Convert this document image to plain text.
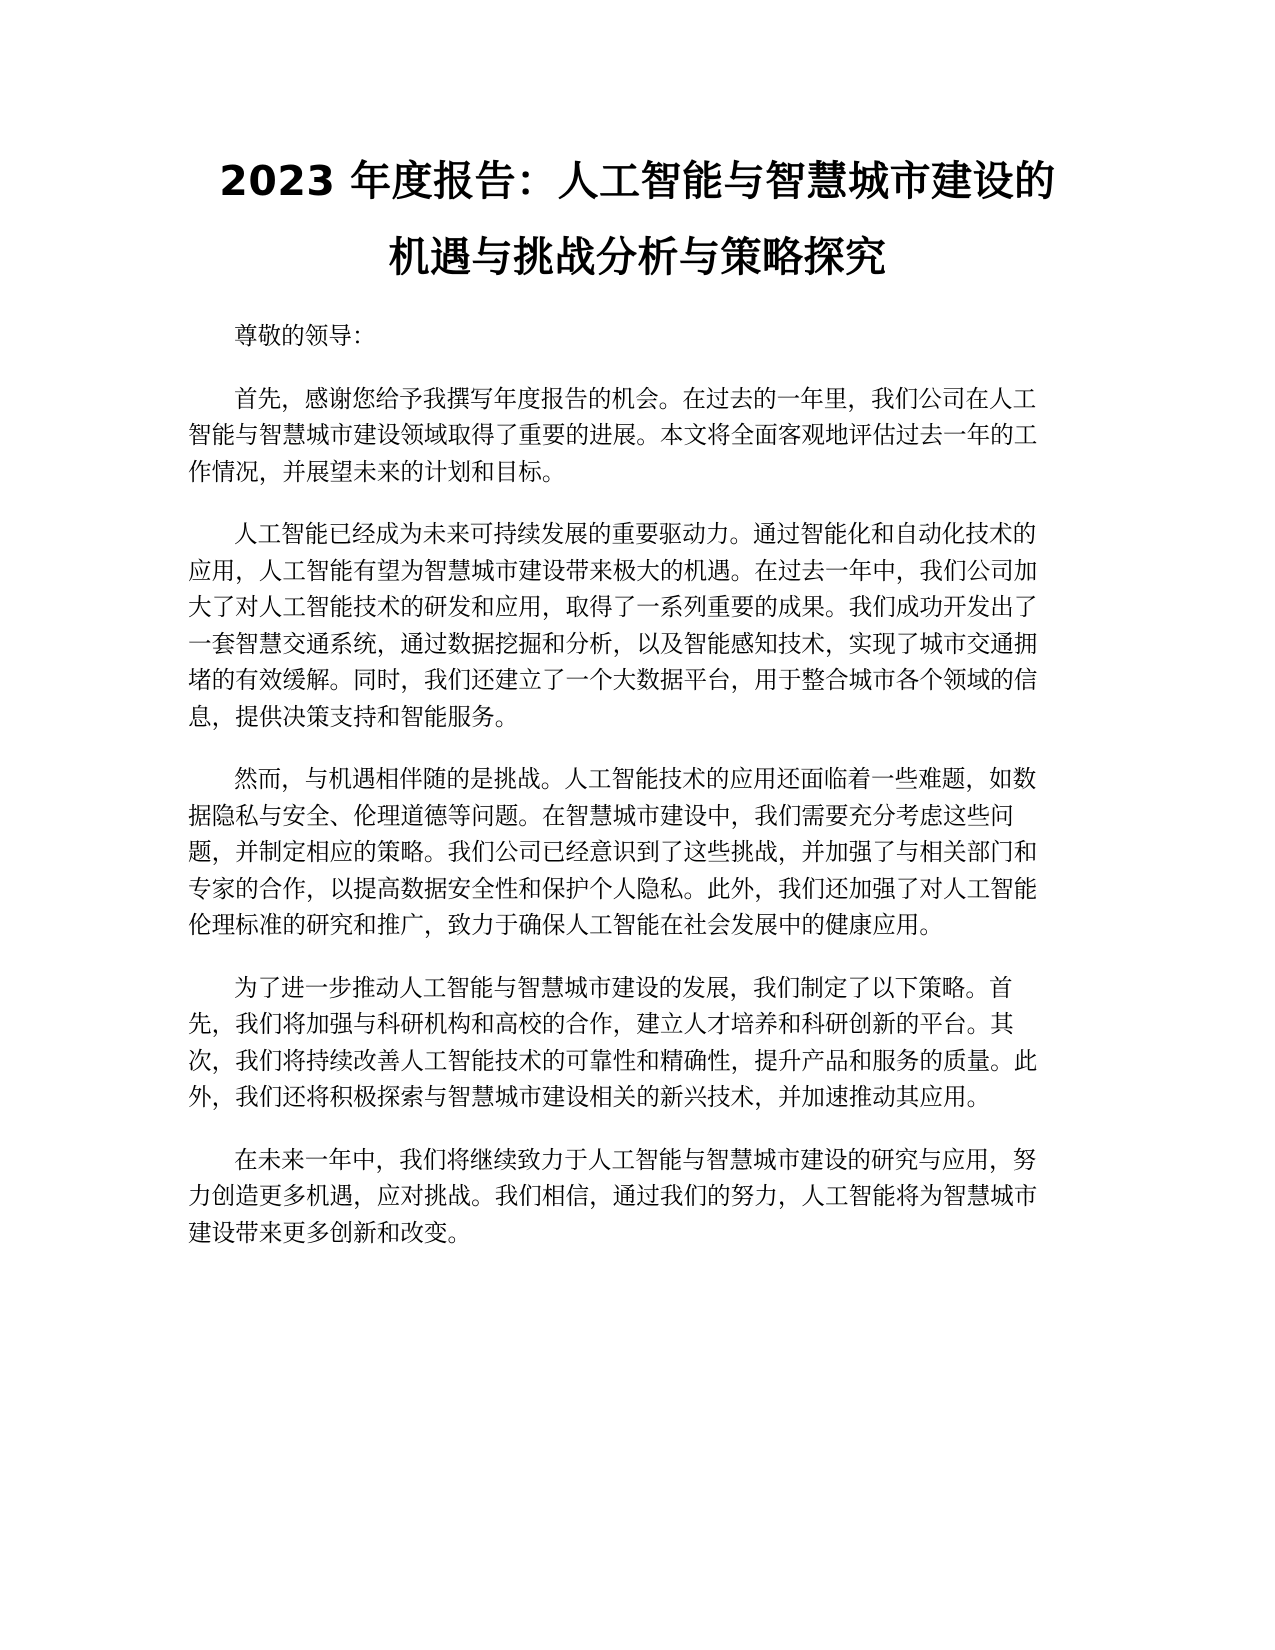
2023 年度报告：人工智能与智慧城市建设的
机遇与挑战分析与策略探究

尊敬的领导：

首先，感谢您给予我撰写年度报告的机会。在过去的一年里，我们公司在人工
智能与智慧城市建设领域取得了重要的进展。本文将全面客观地评估过去一年的工
作情况，并展望未来的计划和目标。

人工智能已经成为未来可持续发展的重要驱动力。通过智能化和自动化技术的
应用，人工智能有望为智慧城市建设带来极大的机遇。在过去一年中，我们公司加
大了对人工智能技术的研发和应用，取得了一系列重要的成果。我们成功开发出了
一套智慧交通系统，通过数据挖掘和分析，以及智能感知技术，实现了城市交通拥
堵的有效缓解。同时，我们还建立了一个大数据平台，用于整合城市各个领域的信
息，提供决策支持和智能服务。

然而，与机遇相伴随的是挑战。人工智能技术的应用还面临着一些难题，如数
据隐私与安全、伦理道德等问题。在智慧城市建设中，我们需要充分考虑这些问
题，并制定相应的策略。我们公司已经意识到了这些挑战，并加强了与相关部门和
专家的合作，以提高数据安全性和保护个人隐私。此外，我们还加强了对人工智能
伦理标准的研究和推广，致力于确保人工智能在社会发展中的健康应用。

为了进一步推动人工智能与智慧城市建设的发展，我们制定了以下策略。首
先，我们将加强与科研机构和高校的合作，建立人才培养和科研创新的平台。其
次，我们将持续改善人工智能技术的可靠性和精确性，提升产品和服务的质量。此
外，我们还将积极探索与智慧城市建设相关的新兴技术，并加速推动其应用。

在未来一年中，我们将继续致力于人工智能与智慧城市建设的研究与应用，努
力创造更多机遇，应对挑战。我们相信，通过我们的努力，人工智能将为智慧城市
建设带来更多创新和改变。
